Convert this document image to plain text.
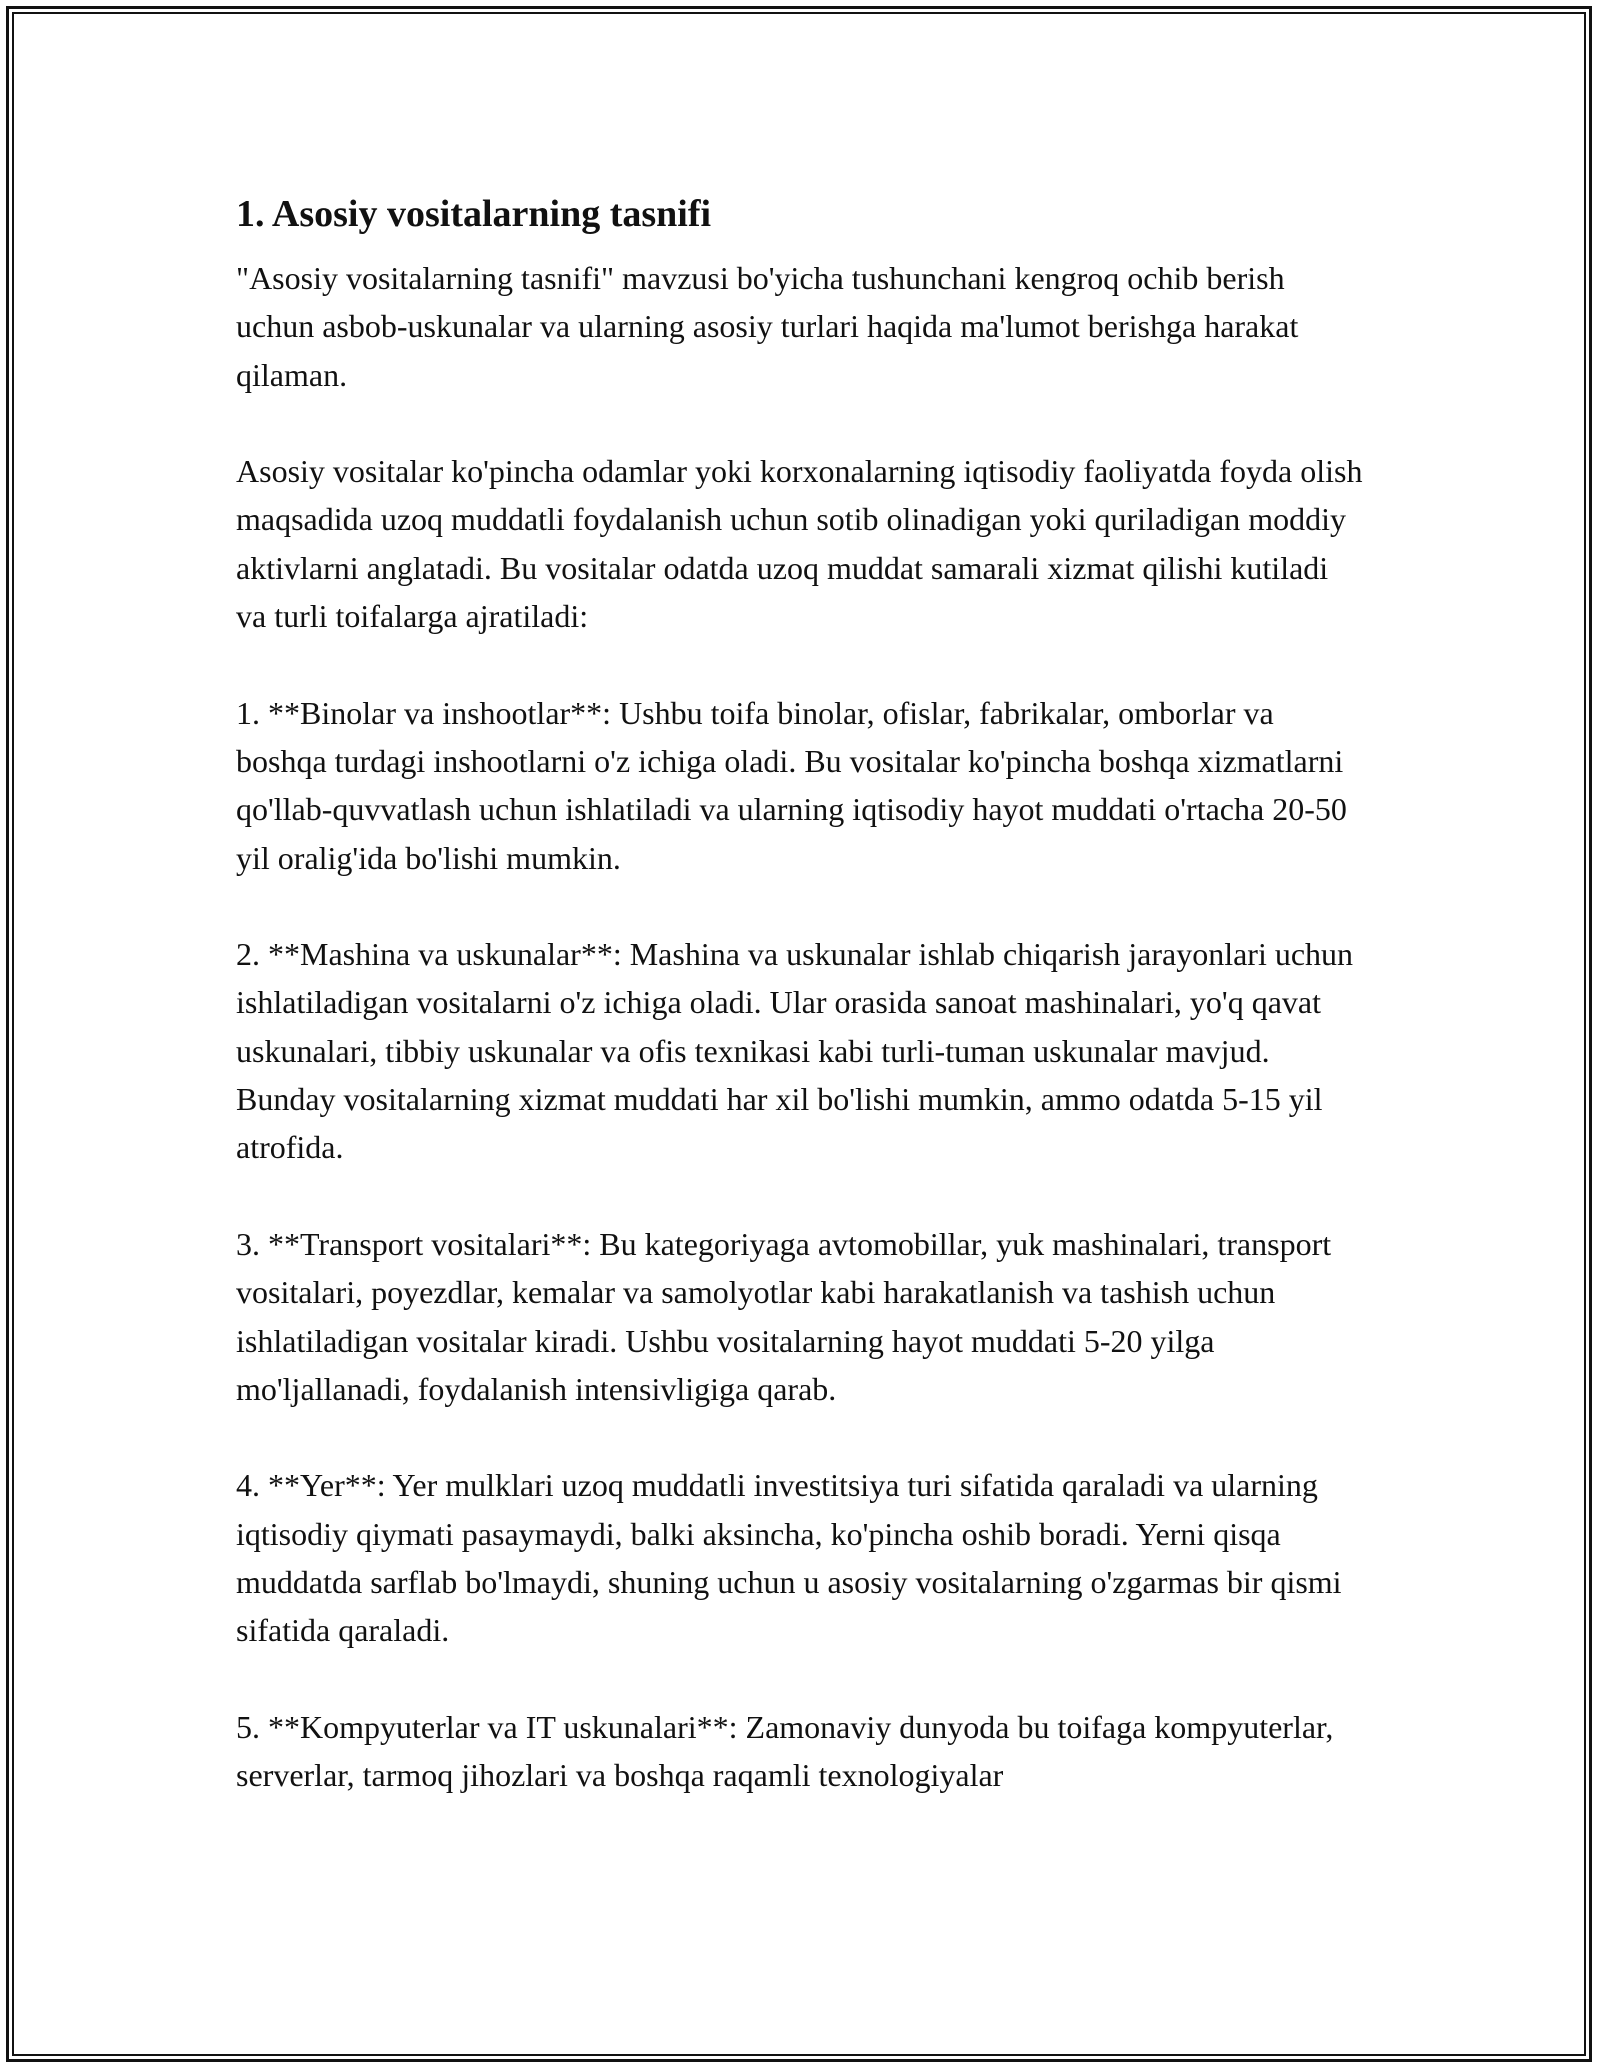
1. Asosiy vositalarning tasnifi

"Asosiy vositalarning tasnifi" mavzusi bo'yicha tushunchani kengroq ochib berish uchun asbob-uskunalar va ularning asosiy turlari haqida ma'lumot berishga harakat qilaman.

Asosiy vositalar ko'pincha odamlar yoki korxonalarning iqtisodiy faoliyatda foyda olish maqsadida uzoq muddatli foydalanish uchun sotib olinadigan yoki quriladigan moddiy aktivlarni anglatadi. Bu vositalar odatda uzoq muddat samarali xizmat qilishi kutiladi va turli toifalarga ajratiladi:

1. **Binolar va inshootlar**: Ushbu toifa binolar, ofislar, fabrikalar, omborlar va boshqa turdagi inshootlarni o'z ichiga oladi. Bu vositalar ko'pincha boshqa xizmatlarni qo'llab-quvvatlash uchun ishlatiladi va ularning iqtisodiy hayot muddati o'rtacha 20-50 yil oralig'ida bo'lishi mumkin.

2. **Mashina va uskunalar**: Mashina va uskunalar ishlab chiqarish jarayonlari uchun ishlatiladigan vositalarni o'z ichiga oladi. Ular orasida sanoat mashinalari, yo'q qavat uskunalari, tibbiy uskunalar va ofis texnikasi kabi turli-tuman uskunalar mavjud. Bunday vositalarning xizmat muddati har xil bo'lishi mumkin, ammo odatda 5-15 yil atrofida.

3. **Transport vositalari**: Bu kategoriyaga avtomobillar, yuk mashinalari, transport vositalari, poyezdlar, kemalar va samolyotlar kabi harakatlanish va tashish uchun ishlatiladigan vositalar kiradi. Ushbu vositalarning hayot muddati 5-20 yilga mo'ljallanadi, foydalanish intensivligiga qarab.

4. **Yer**: Yer mulklari uzoq muddatli investitsiya turi sifatida qaraladi va ularning iqtisodiy qiymati pasaymaydi, balki aksincha, ko'pincha oshib boradi. Yerni qisqa muddatda sarflab bo'lmaydi, shuning uchun u asosiy vositalarning o'zgarmas bir qismi sifatida qaraladi.

5. **Kompyuterlar va IT uskunalari**: Zamonaviy dunyoda bu toifaga kompyuterlar, serverlar, tarmoq jihozlari va boshqa raqamli texnologiyalar
